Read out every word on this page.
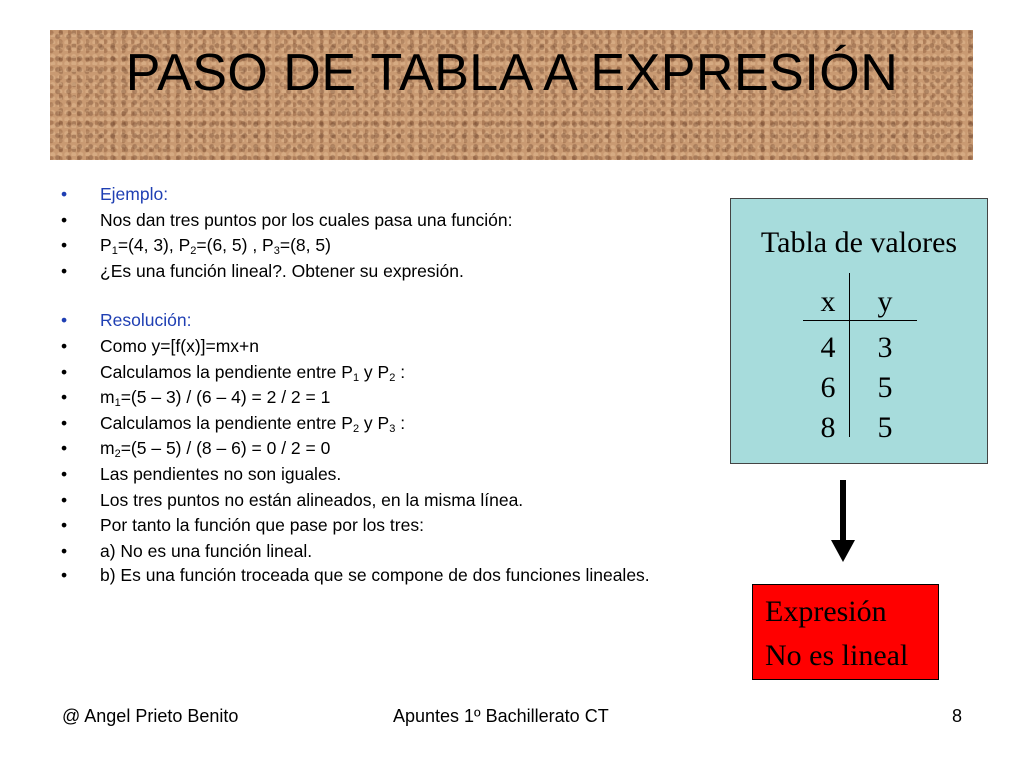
PASO DE TABLA A EXPRESIÓN
•	Ejemplo:
•	Nos dan tres puntos por los cuales pasa una función:
•	$P_1=(4$, 3), $P_2=(6$, 5) , $P_3=(8$, 5)
•	¿Es una función lineal?. Obtener su expresión.
•	Resolución:
•	Como y=[f(x)]=mx+n
•	Calculamos la pendiente entre $P_1$ y $P_2$ :
•	$m_1=(5 - 3) / (6 - 4) = 2 / 2 = 1$
•	Calculamos la pendiente entre $P_2$ y $P_3$ :
•	$m_2=(5 - 5) / (8 - 6) = 0 / 2 = 0$
•	Las pendientes no son iguales.
•	Los tres puntos no están alineados, en la misma línea.
•	Por tanto la función que pase por los tres:
•	a) No es una función lineal.
•	b) Es una función troceada que se compone de dos funciones lineales.
Tabla de valores
x	y
4	3
6	5
8	5
Expresión
No es lineal
@ Angel Prieto Benito	Apuntes 1º Bachillerato CT	8
